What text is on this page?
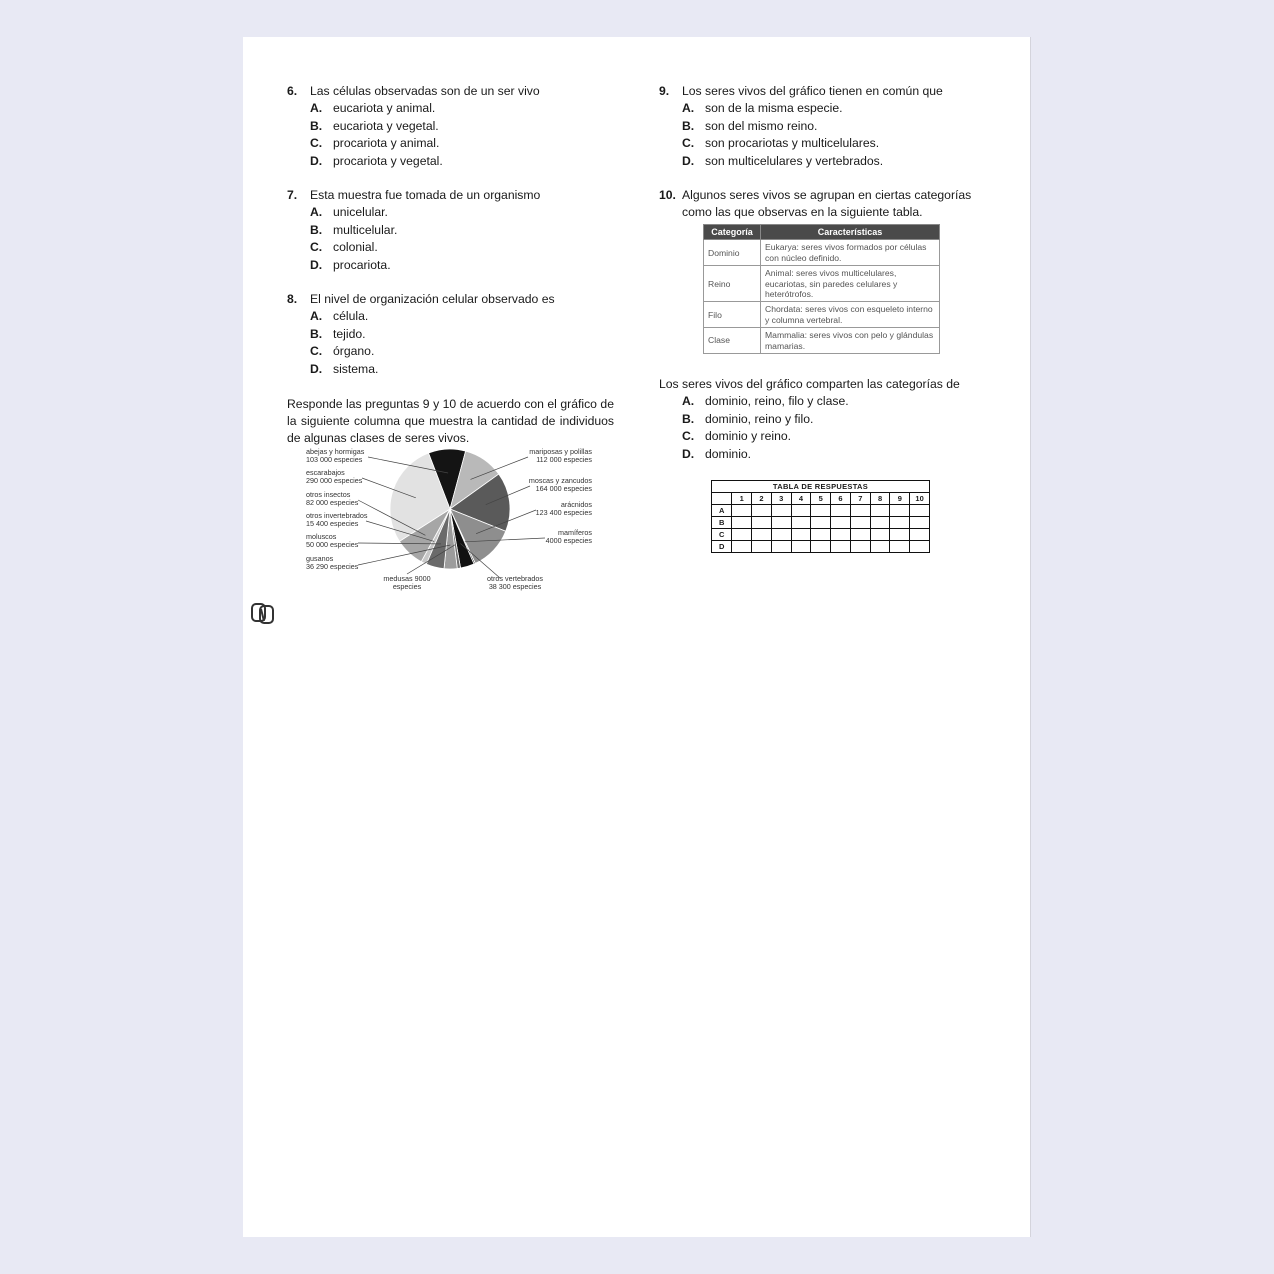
6.	Las células observadas son de un ser vivo
A. eucariota y animal.
B. eucariota y vegetal.
C. procariota y animal.
D. procariota y vegetal.
7.	Esta muestra fue tomada de un organismo
A. unicelular.
B. multicelular.
C. colonial.
D. procariota.
8.	El nivel de organización celular observado es
A. célula.
B. tejido.
C. órgano.
D. sistema.
Responde las preguntas 9 y 10 de acuerdo con el gráfico de la siguiente columna que muestra la cantidad de individuos de algunas clases de seres vivos.
abejas y hormigas
103 000 especies
mariposas y polillas
112 000 especies
moscas y zancudos
164 000 especies
arácnidos
123 400 especies
mamíferos
4000 especies
otros vertebrados
38 300 especies
medusas 9000
especies
gusanos
36 290 especies
moluscos
50 000 especies
otros invertebrados
15 400 especies
otros insectos
82 000 especies
escarabajos
290 000 especies
9.	Los seres vivos del gráfico tienen en común que
A. son de la misma especie.
B. son del mismo reino.
C. son procariotas y multicelulares.
D. son multicelulares y vertebrados.
10. Algunos seres vivos se agrupan en ciertas categorías
como las que observas en la siguiente tabla.
Categoría	Características
Dominio	Eukarya: seres vivos formados por células con núcleo definido.
Reino	Animal: seres vivos multicelulares, eucariotas, sin paredes celulares y heterótrofos.
Filo	Chordata: seres vivos con esqueleto interno y columna vertebral.
Clase	Mammalia: seres vivos con pelo y glándulas mamarias.
Los seres vivos del gráfico comparten las categorías de
A. dominio, reino, filo y clase.
B. dominio, reino y filo.
C. dominio y reino.
D. dominio.
TABLA DE RESPUESTAS										
	1	2	3	4	5	6	7	8	9	10
A										
B										
C										
D										
